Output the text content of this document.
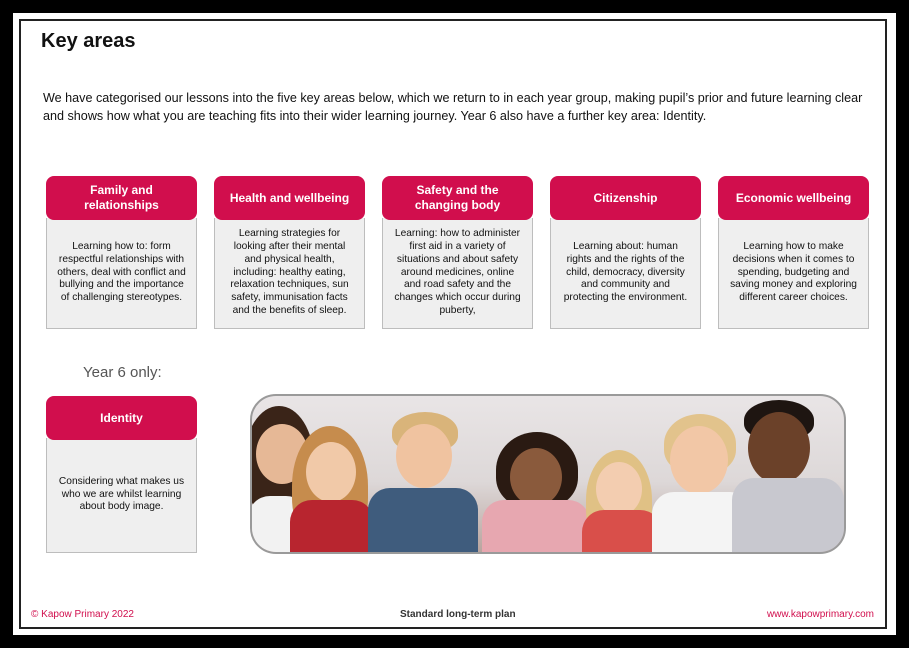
Key areas
We have categorised our lessons into the five key areas below, which we return to in each year group, making pupil’s prior and future learning clear and shows how what you are teaching fits into their wider learning journey. Year 6 also have a further key area: Identity.
Family and relationships
Learning how to: form respectful relationships with others, deal with conflict and bullying and the importance of challenging stereotypes.
Health and wellbeing
Learning strategies for looking after their mental and physical health, including: healthy eating, relaxation techniques, sun safety, immunisation facts and the benefits of sleep.
Safety and the changing body
Learning: how to administer first aid in a variety of situations and about safety around medicines, online and road safety and the changes which occur during puberty,
Citizenship
Learning about: human rights and the rights of the child, democracy, diversity and community and protecting the environment.
Economic wellbeing
Learning how to make decisions when it comes to spending, budgeting and saving money and exploring different career choices.
Year 6 only:
Identity
Considering what makes us who we are whilst learning about body image.
© Kapow Primary 2022	Standard long-term plan	www.kapowprimary.com
